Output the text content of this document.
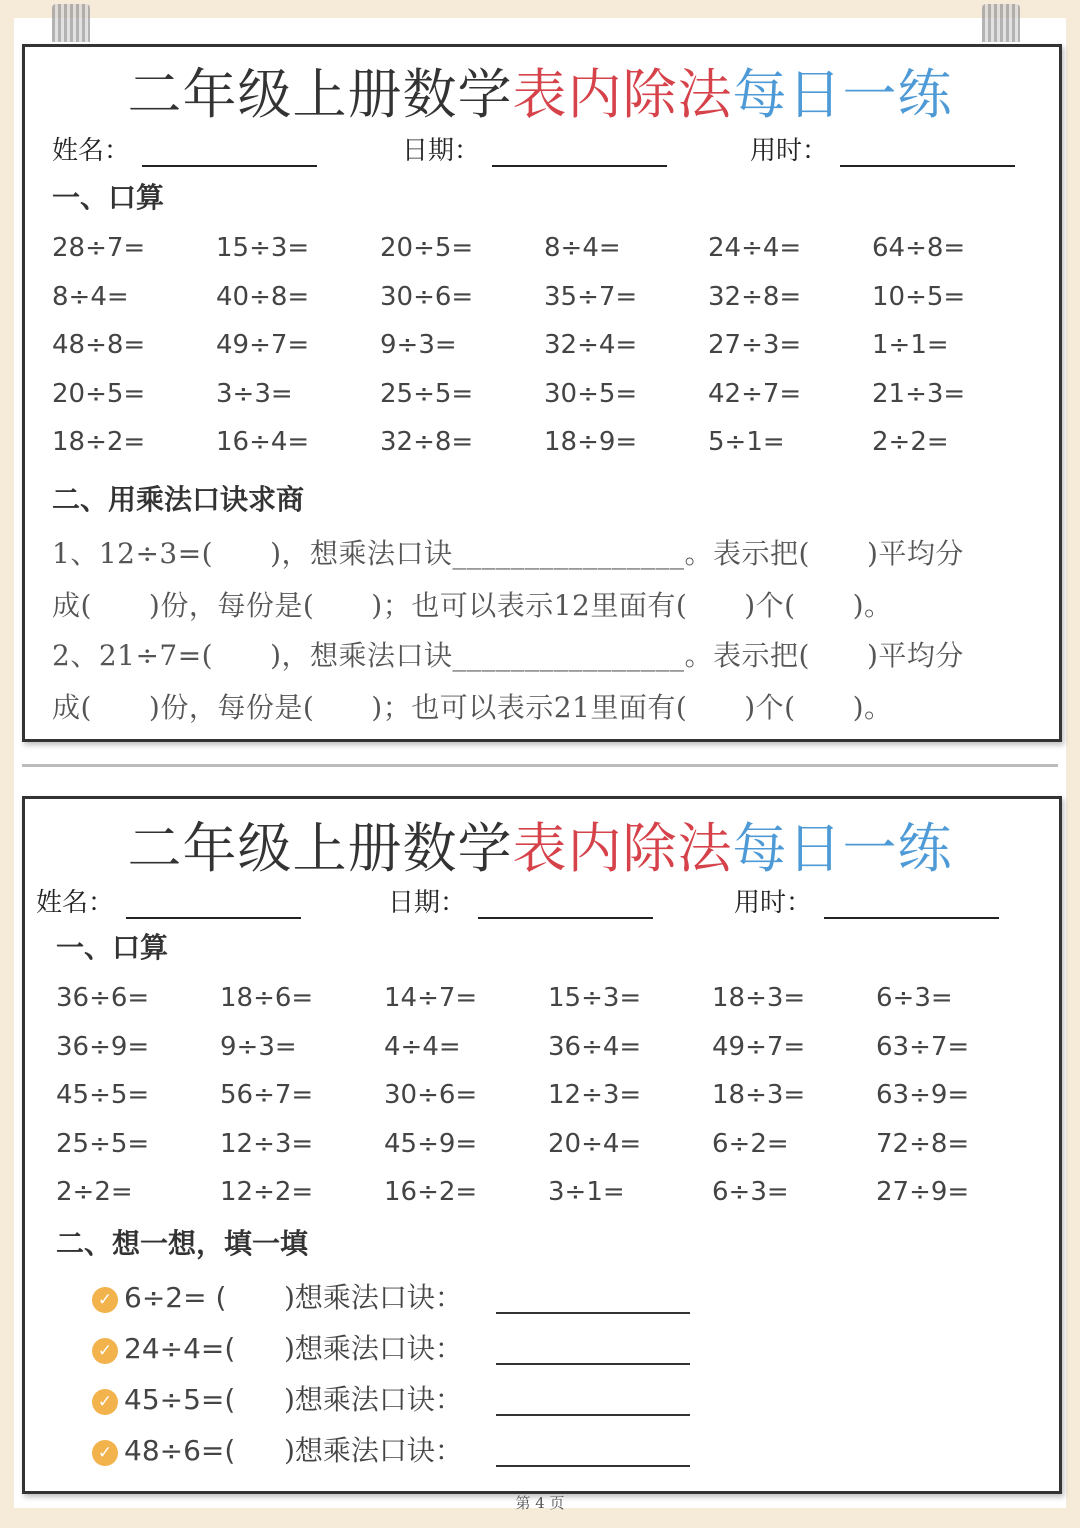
二年级上册数学表内除法每日一练
姓名：	日期：	用时：
一、口算
28÷7=	15÷3=	20÷5=	8÷4=	24÷4=	64÷8=
8÷4=	40÷8=	30÷6=	35÷7=	32÷8=	10÷5=
48÷8=	49÷7=	9÷3=	32÷4=	27÷3=	1÷1=
20÷5=	3÷3=	25÷5=	30÷5=	42÷7=	21÷3=
18÷2=	16÷4=	32÷8=	18÷9=	5÷1=	2÷2=
二、用乘法口诀求商
1、12÷3=(　　)，想乘法口诀________________。表示把(　　)平均分
成(　　)份，每份是(　　)；也可以表示12里面有(　　)个(　　)。
2、21÷7=(　　)，想乘法口诀________________。表示把(　　)平均分
成(　　)份，每份是(　　)；也可以表示21里面有(　　)个(　　)。
二年级上册数学表内除法每日一练
姓名：	日期：	用时：
一、口算
36÷6=	18÷6=	14÷7=	15÷3=	18÷3=	6÷3=
36÷9=	9÷3=	4÷4=	36÷4=	49÷7=	63÷7=
45÷5=	56÷7=	30÷6=	12÷3=	18÷3=	63÷9=
25÷5=	12÷3=	45÷9=	20÷4=	6÷2=	72÷8=
2÷2=	12÷2=	16÷2=	3÷1=	6÷3=	27÷9=
二、想一想，填一填
✓ 6÷2= ( )想乘法口诀：
✓ 24÷4=( )想乘法口诀：
✓ 45÷5=( )想乘法口诀：
✓ 48÷6=( )想乘法口诀：
第 4 页
